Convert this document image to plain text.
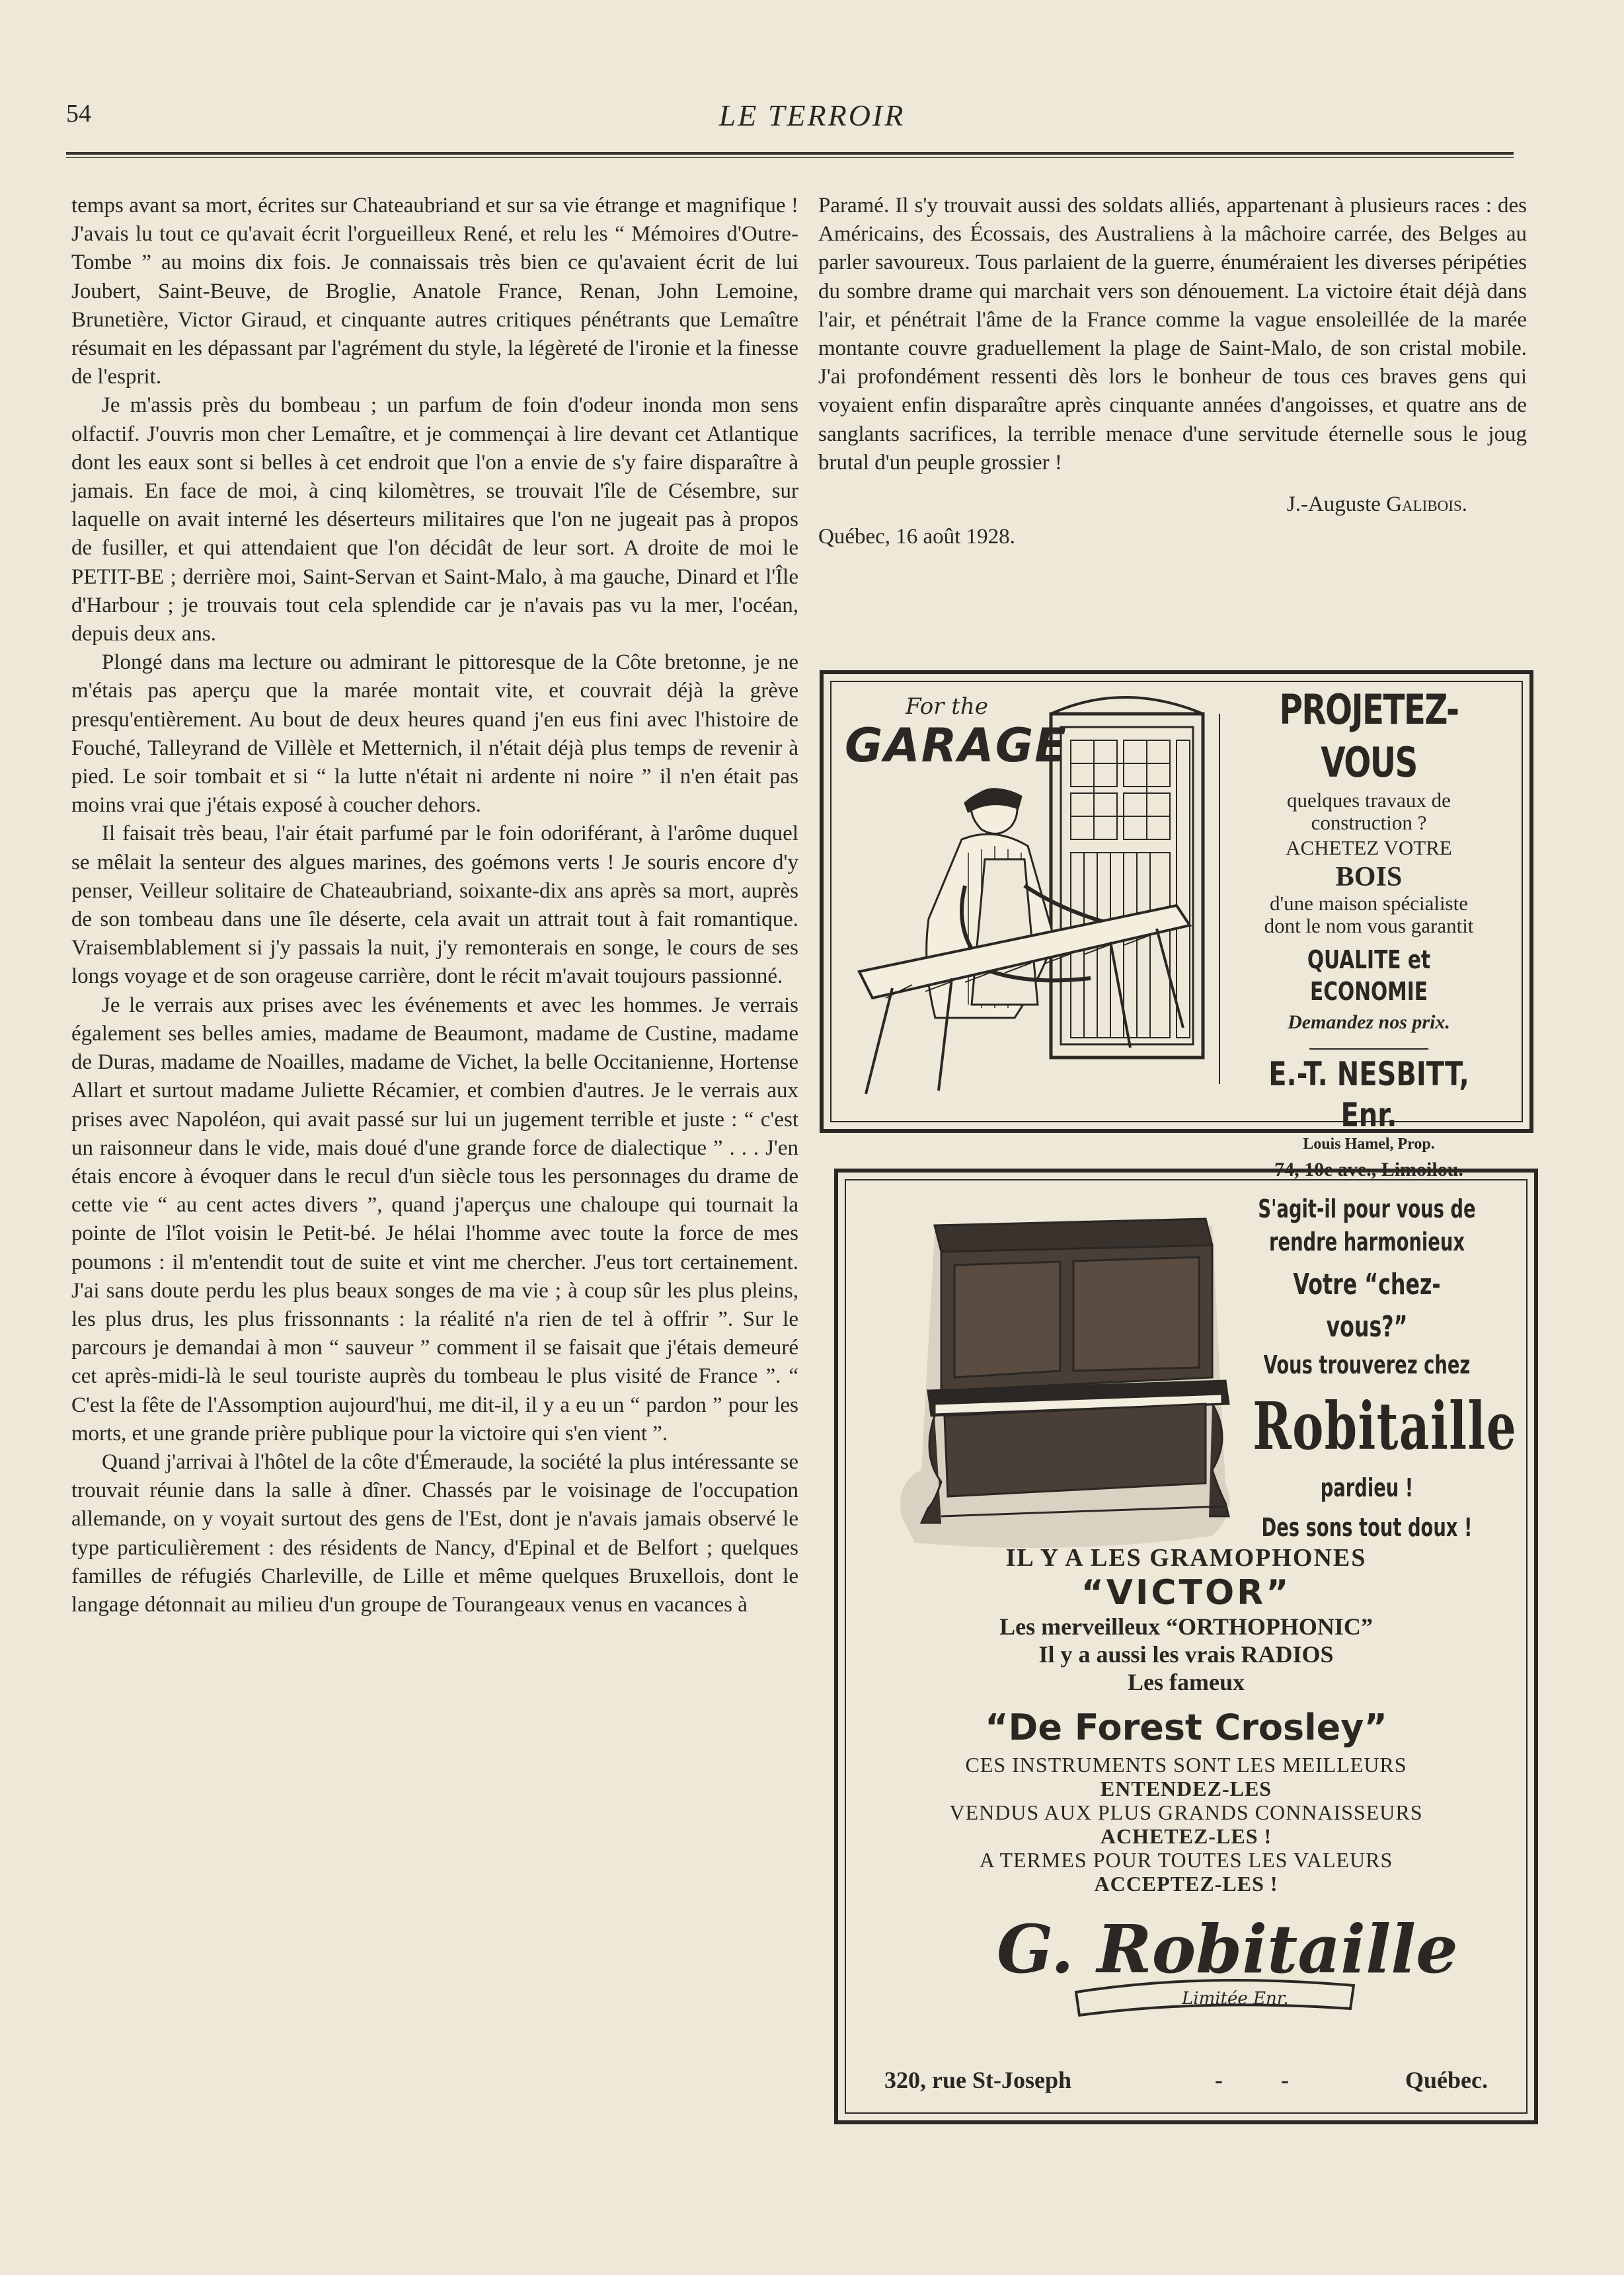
54	LE TERROIR

temps avant sa mort, écrites sur Chateaubriand et sur sa vie étrange et magnifique ! J'avais lu tout ce qu'avait écrit l'orgueilleux René, et relu les “ Mémoires d'Outre-Tombe ” au moins dix fois. Je connaissais très bien ce qu'avaient écrit de lui Joubert, Saint-Beuve, de Broglie, Anatole France, Renan, John Lemoine, Brunetière, Victor Giraud, et cinquante autres critiques pénétrants que Lemaître résumait en les dépassant par l'agrément du style, la légèreté de l'ironie et la finesse de l'esprit.

Je m'assis près du bombeau ; un parfum de foin d'odeur inonda mon sens olfactif. J'ouvris mon cher Lemaître, et je commençai à lire devant cet Atlantique dont les eaux sont si belles à cet endroit que l'on a envie de s'y faire disparaître à jamais. En face de moi, à cinq kilomètres, se trouvait l'île de Césembre, sur laquelle on avait interné les déserteurs militaires que l'on ne jugeait pas à propos de fusiller, et qui attendaient que l'on décidât de leur sort. A droite de moi le PETIT-BE ; derrière moi, Saint-Servan et Saint-Malo, à ma gauche, Dinard et l'Île d'Harbour ; je trouvais tout cela splendide car je n'avais pas vu la mer, l'océan, depuis deux ans.

Plongé dans ma lecture ou admirant le pittoresque de la Côte bretonne, je ne m'étais pas aperçu que la marée montait vite, et couvrait déjà la grève presqu'entièrement. Au bout de deux heures quand j'en eus fini avec l'histoire de Fouché, Talleyrand de Villèle et Metternich, il n'était déjà plus temps de revenir à pied. Le soir tombait et si “ la lutte n'était ni ardente ni noire ” il n'en était pas moins vrai que j'étais exposé à coucher dehors.

Il faisait très beau, l'air était parfumé par le foin odoriférant, à l'arôme duquel se mêlait la senteur des algues marines, des goémons verts ! Je souris encore d'y penser, Veilleur solitaire de Chateaubriand, soixante-dix ans après sa mort, auprès de son tombeau dans une île déserte, cela avait un attrait tout à fait romantique. Vraisemblablement si j'y passais la nuit, j'y remonterais en songe, le cours de ses longs voyage et de son orageuse carrière, dont le récit m'avait toujours passionné.

Je le verrais aux prises avec les événements et avec les hommes. Je verrais également ses belles amies, madame de Beaumont, madame de Custine, madame de Duras, madame de Noailles, madame de Vichet, la belle Occitanienne, Hortense Allart et surtout madame Juliette Récamier, et combien d'autres. Je le verrais aux prises avec Napoléon, qui avait passé sur lui un jugement terrible et juste : “ c'est un raisonneur dans le vide, mais doué d'une grande force de dialectique ” . . . J'en étais encore à évoquer dans le recul d'un siècle tous les personnages du drame de cette vie “ au cent actes divers ”, quand j'aperçus une chaloupe qui tournait la pointe de l'îlot voisin le Petit-bé. Je hélai l'homme avec toute la force de mes poumons : il m'entendit tout de suite et vint me chercher. J'eus tort certainement. J'ai sans doute perdu les plus beaux songes de ma vie ; à coup sûr les plus pleins, les plus drus, les plus frissonnants : la réalité n'a rien de tel à offrir ”. Sur le parcours je demandai à mon “ sauveur ” comment il se faisait que j'étais demeuré cet après-midi-là le seul touriste auprès du tombeau le plus visité de France ”. “ C'est la fête de l'Assomption aujourd'hui, me dit-il, il y a eu un “ pardon ” pour les morts, et une grande prière publique pour la victoire qui s'en vient ”.

Quand j'arrivai à l'hôtel de la côte d'Émeraude, la société la plus intéressante se trouvait réunie dans la salle à dîner. Chassés par le voisinage de l'occupation allemande, on y voyait surtout des gens de l'Est, dont je n'avais jamais observé le type particulièrement : des résidents de Nancy, d'Epinal et de Belfort ; quelques familles de réfugiés Charleville, de Lille et même quelques Bruxellois, dont le langage détonnait au milieu d'un groupe de Tourangeaux venus en vacances à

Paramé. Il s'y trouvait aussi des soldats alliés, appartenant à plusieurs races : des Américains, des Écossais, des Australiens à la mâchoire carrée, des Belges au parler savoureux. Tous parlaient de la guerre, énuméraient les diverses péripéties du sombre drame qui marchait vers son dénouement. La victoire était déjà dans l'air, et pénétrait l'âme de la France comme la vague ensoleillée de la marée montante couvre graduellement la plage de Saint-Malo, de son cristal mobile. J'ai profondément ressenti dès lors le bonheur de tous ces braves gens qui voyaient enfin disparaître après cinquante années d'angoisses, et quatre ans de sanglants sacrifices, la terrible menace d'une servitude éternelle sous le joug brutal d'un peuple grossier !

J.-Auguste Galibois.

Québec, 16 août 1928.

For the
GARAGE

PROJETEZ-VOUS

quelques travaux de

construction ?

ACHETEZ VOTRE

BOIS

d'une maison spécialiste

dont le nom vous garantit

QUALITE et ECONOMIE

Demandez nos prix.

E.-T. NESBITT, Enr.

Louis Hamel, Prop.

74, 10e ave., Limoilou.

S'agit-il pour vous de

rendre harmonieux

Votre “chez-vous?”

Vous trouverez chez

Robitaille

pardieu !

Des sons tout doux !

IL Y A LES GRAMOPHONES

“VICTOR”

Les merveilleux “ORTHOPHONIC”

Il y a aussi les vrais RADIOS

Les fameux

“De Forest Crosley”

CES INSTRUMENTS SONT LES MEILLEURS

ENTENDEZ-LES

VENDUS AUX PLUS GRANDS CONNAISSEURS

ACHETEZ-LES !

A TERMES POUR TOUTES LES VALEURS

ACCEPTEZ-LES !

G. Robitaille
Limitée Enr.
320, rue St-Joseph	- -	Québec.
